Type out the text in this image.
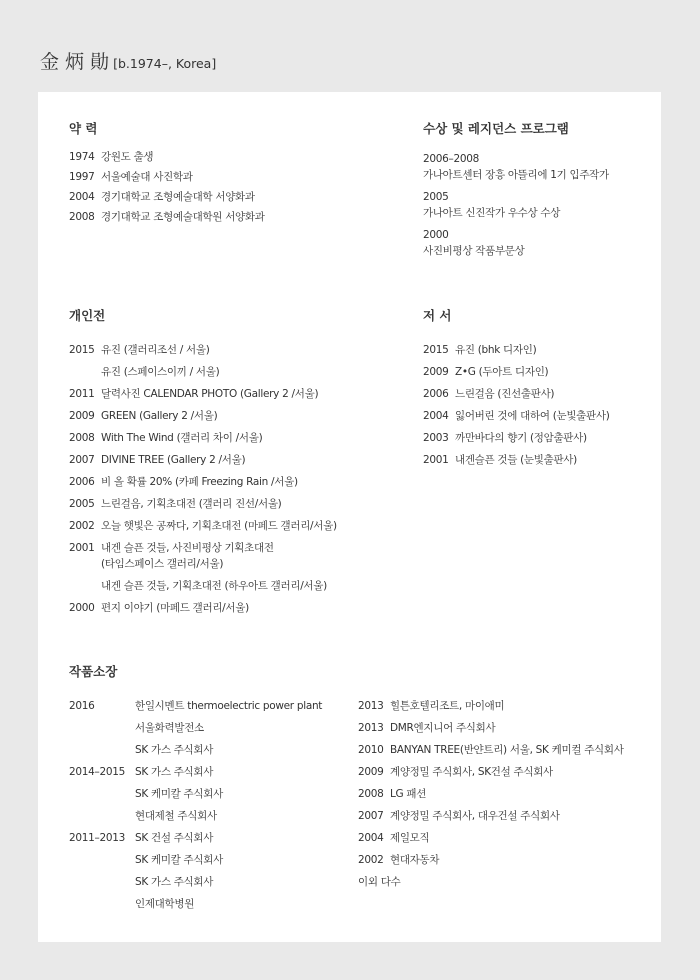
金 炳 勛 [b.1974–, Korea]
약 력
1974 강원도 출생
1997 서울예술대 사진학과
2004 경기대학교 조형예술대학 서양화과
2008 경기대학교 조형예술대학원 서양화과
수상 및 레지던스 프로그램
2006–2008
가나아트센터 장흥 아뜰리에 1기 입주작가
2005
가나아트 신진작가 우수상 수상
2000
사진비평상 작품부문상
개인전
2015 유진 (갤러리조선 / 서울)
유진 (스페이스이끼 / 서울)
2011 달력사진 CALENDAR PHOTO (Gallery 2 /서울)
2009 GREEN (Gallery 2 /서울)
2008 With The Wind (갤러리 차이 /서울)
2007 DIVINE TREE (Gallery 2 /서울)
2006 비 올 확률 20% (카페 Freezing Rain /서울)
2005 느린걸음, 기획초대전 (갤러리 진선/서울)
2002 오늘 햇빛은 공짜다, 기획초대전 (마페드 갤러리/서울)
2001 내겐 슬픈 것들, 사진비평상 기획초대전
(타임스페이스 갤러리/서울)
내겐 슬픈 것들, 기획초대전 (하우아트 갤러리/서울)
2000 편지 이야기 (마페드 갤러리/서울)
저 서
2015 유진 (bhk 디자인)
2009 Z•G (두아트 디자인)
2006 느린걸음 (진선출판사)
2004 잃어버린 것에 대하여 (눈빛출판사)
2003 까만바다의 향기 (정암출판사)
2001 내겐슬픈 것들 (눈빛출판사)
작품소장
2016	한일시멘트 thermoelectric power plant
서울화력발전소
SK 가스 주식회사
2014–2015 SK 가스 주식회사
SK 케미칼 주식회사
현대제철 주식회사
2011–2013 SK 건설 주식회사
SK 케미칼 주식회사
SK 가스 주식회사
인제대학병원
2013 힐튼호텔리조트, 마이애미
2013 DMR엔지니어 주식회사
2010 BANYAN TREE(반얀트리) 서울, SK 케미컬 주식회사
2009 계양정밀 주식회사, SK건설 주식회사
2008 LG 패션
2007 계양정밀 주식회사, 대우건설 주식회사
2004 제일모직
2002 현대자동차
이외 다수
